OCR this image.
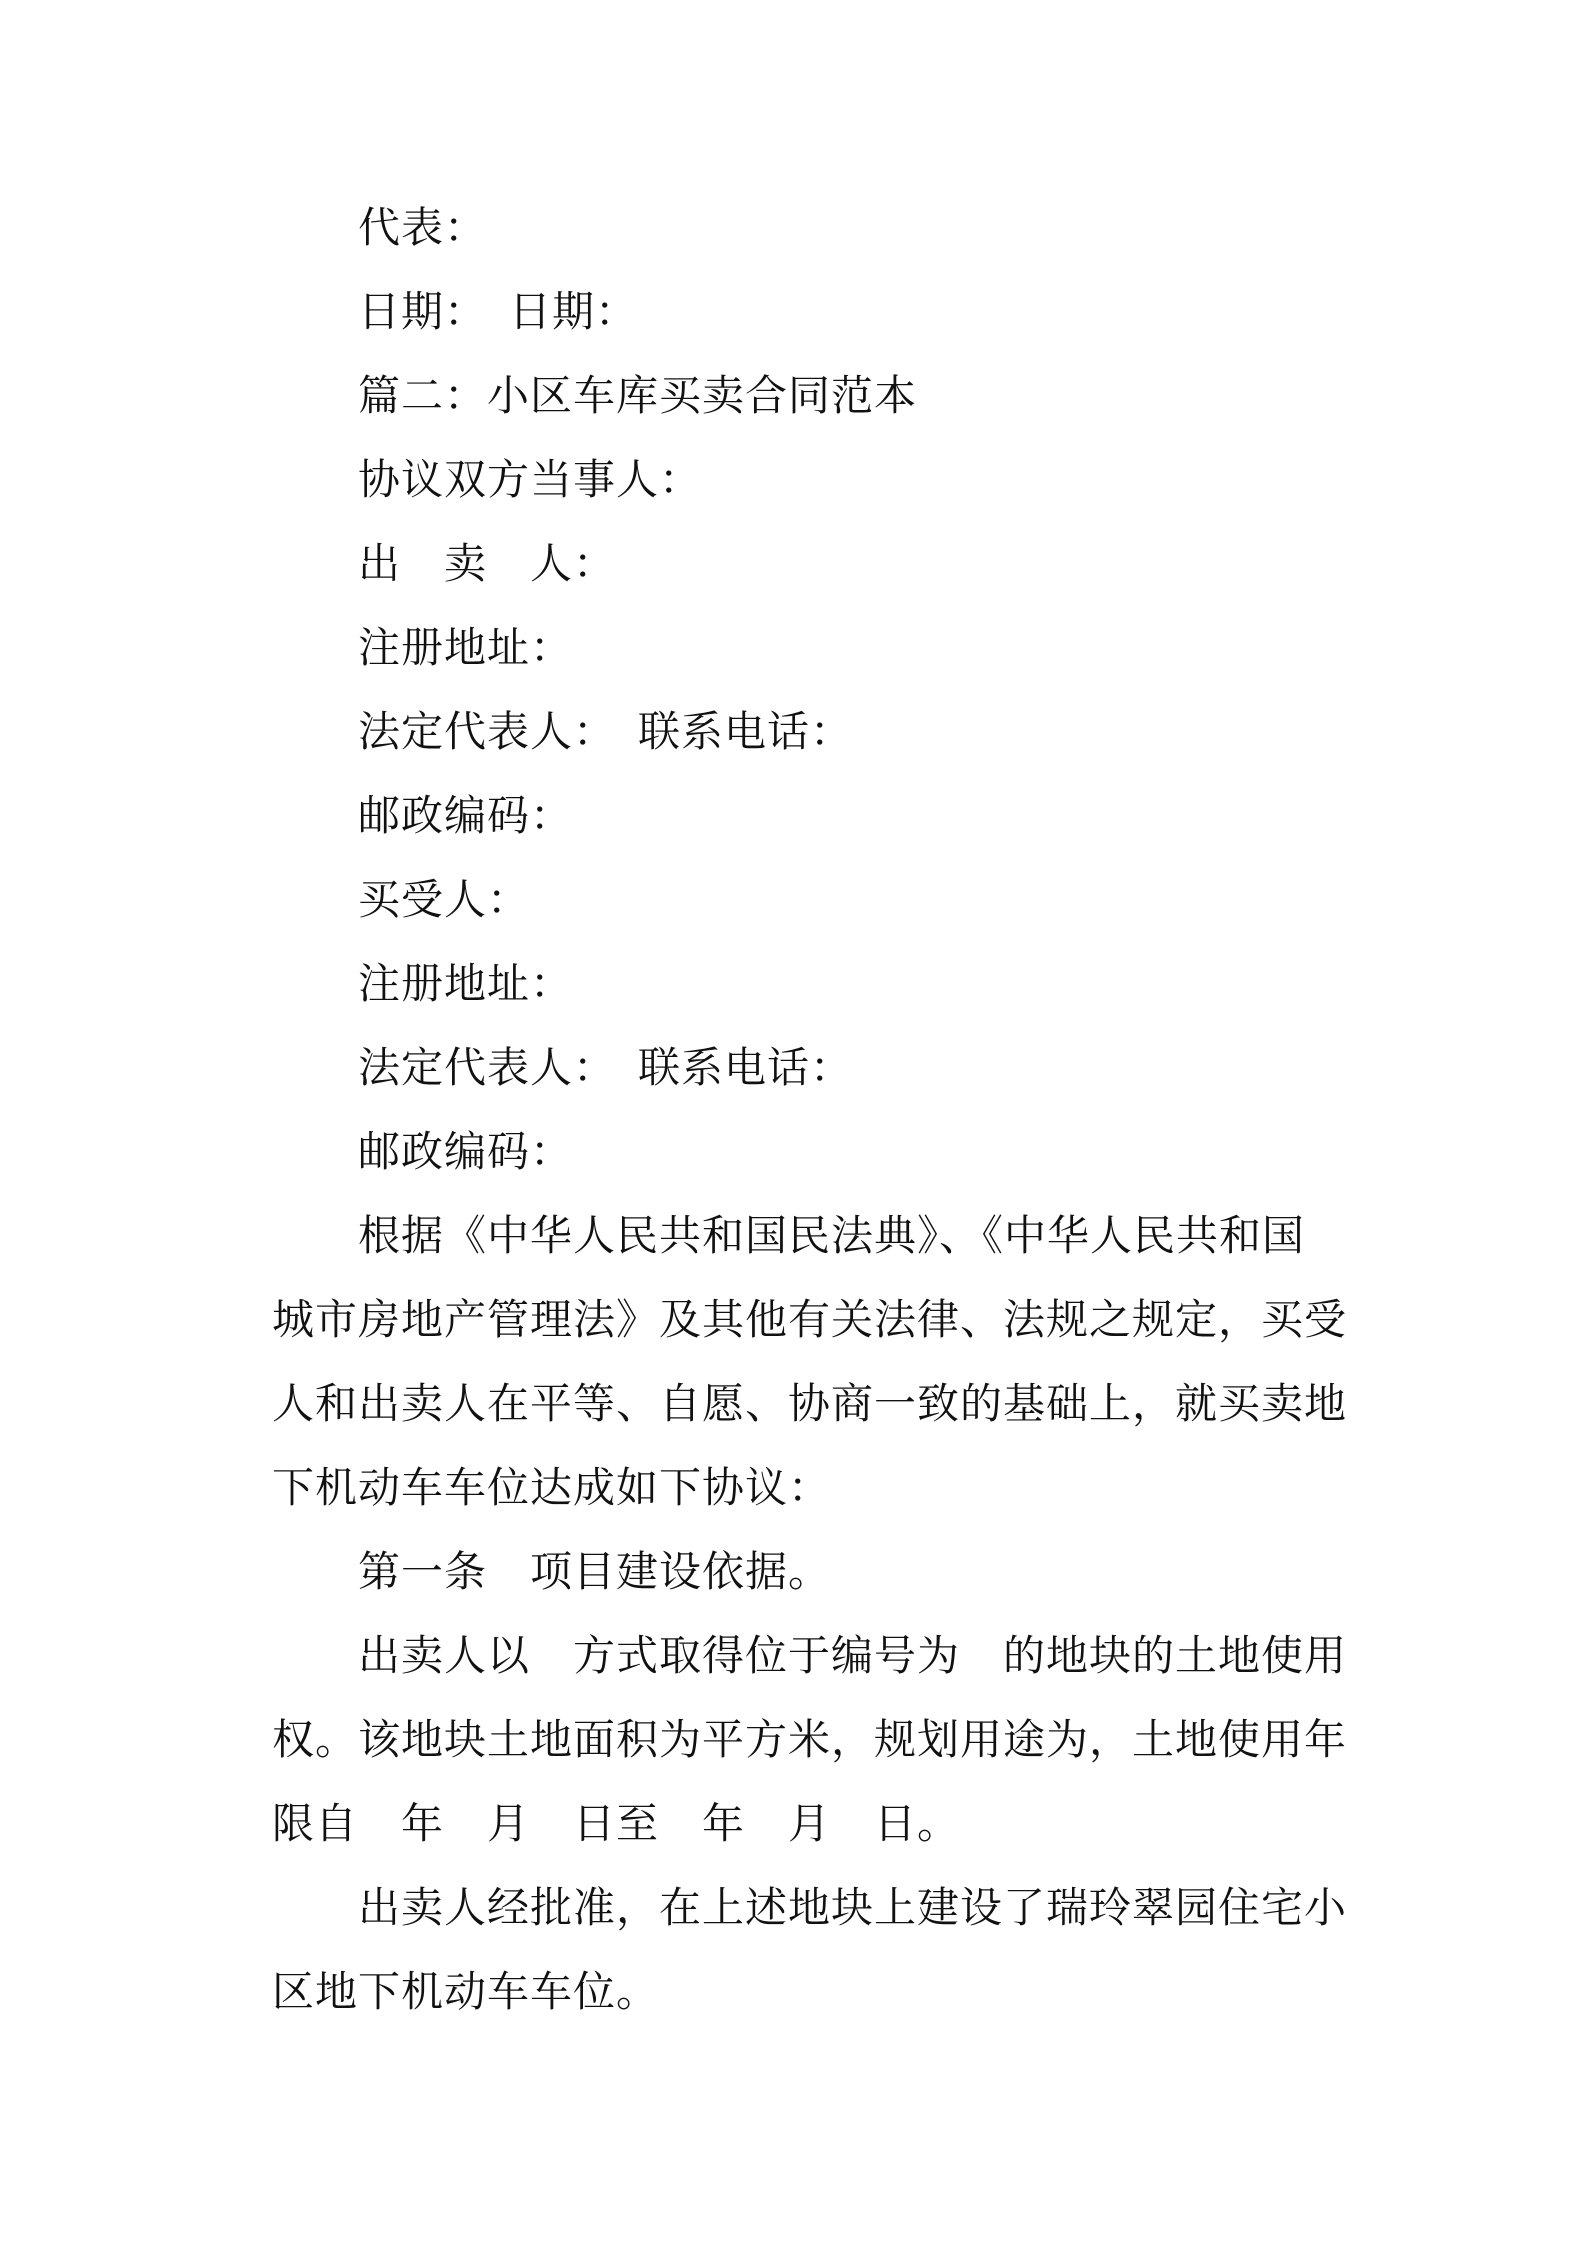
代表：
日期：　日期：
篇二：小区车库买卖合同范本
协议双方当事人：
出　卖　人：
注册地址：
法定代表人：　联系电话：
邮政编码：
买受人：
注册地址：
法定代表人：　联系电话：
邮政编码：
根据《中华人民共和国民法典》、《中华人民共和国
城市房地产管理法》及其他有关法律、法规之规定，买受
人和出卖人在平等、自愿、协商一致的基础上，就买卖地
下机动车车位达成如下协议：
第一条　项目建设依据。
出卖人以　方式取得位于编号为　的地块的土地使用
权。该地块土地面积为平方米，规划用途为，土地使用年
限自　年　月　日至　年　月　日。
出卖人经批准，在上述地块上建设了瑞玲翠园住宅小
区地下机动车车位。
